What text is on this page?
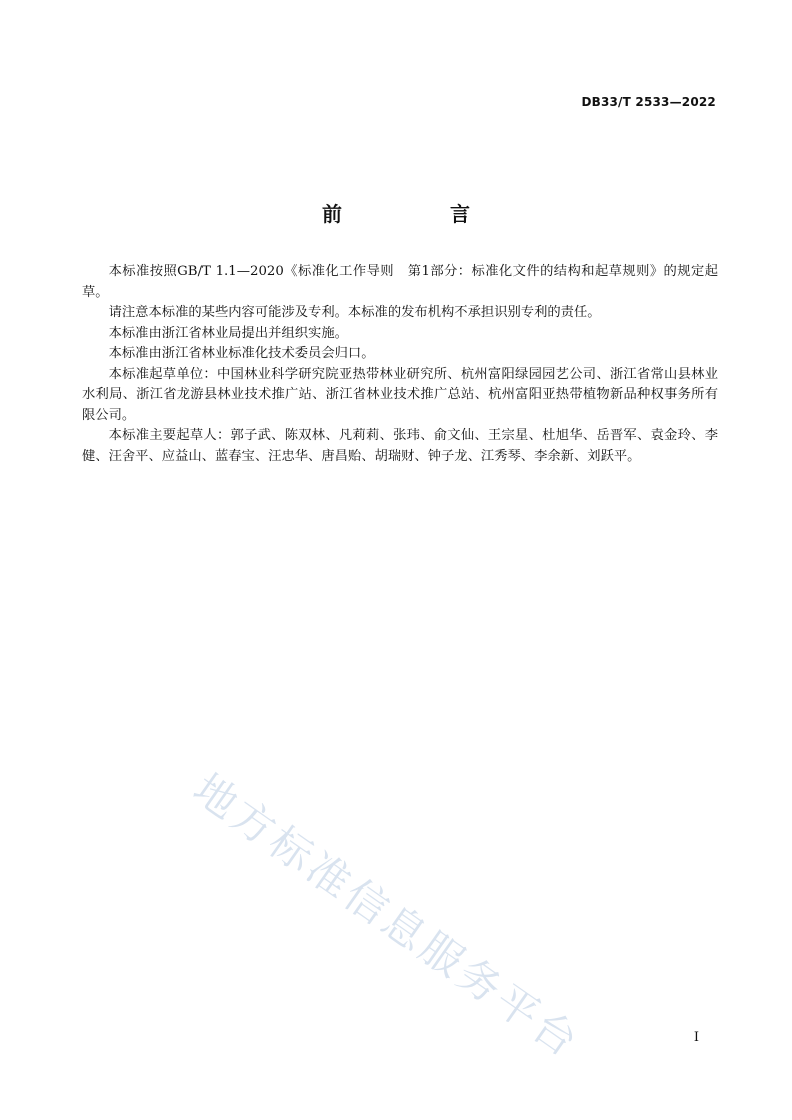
DB33/T 2533—2022
前　言

本标准按照GB/T 1.1—2020《标准化工作导则　第1部分：标准化文件的结构和起草规则》的规定起草。

请注意本标准的某些内容可能涉及专利。本标准的发布机构不承担识别专利的责任。

本标准由浙江省林业局提出并组织实施。

本标准由浙江省林业标准化技术委员会归口。

本标准起草单位：中国林业科学研究院亚热带林业研究所、杭州富阳绿园园艺公司、浙江省常山县林业水利局、浙江省龙游县林业技术推广站、浙江省林业技术推广总站、杭州富阳亚热带植物新品种权事务所有限公司。

本标准主要起草人：郭子武、陈双林、凡莉莉、张玮、俞文仙、王宗星、杜旭华、岳晋军、袁金玲、李健、汪舍平、应益山、蓝春宝、汪忠华、唐昌贻、胡瑞财、钟子龙、江秀琴、李余新、刘跃平。

地方标准信息服务平台	I
